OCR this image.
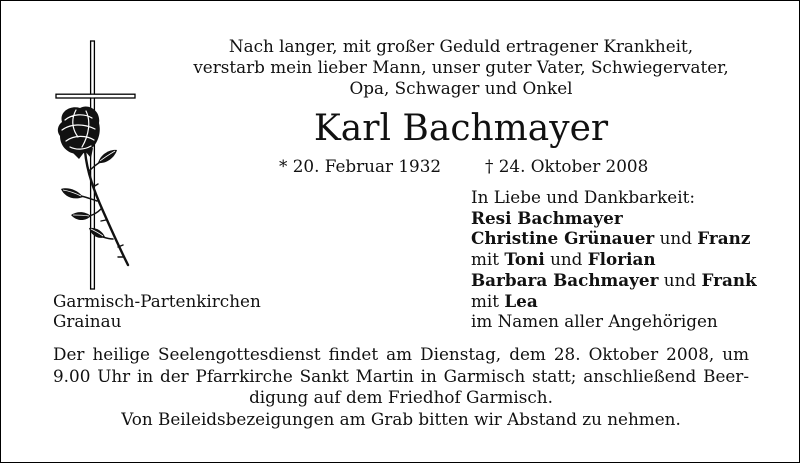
Nach langer, mit großer Geduld ertragener Krankheit,
verstarb mein lieber Mann, unser guter Vater, Schwiegervater,
Opa, Schwager und Onkel
Karl Bachmayer
* 20. Februar 1932	† 24. Oktober 2008
In Liebe und Dankbarkeit:
Resi Bachmayer
Christine Grünauer und Franz
mit Toni und Florian
Barbara Bachmayer und Frank
mit Lea
im Namen aller Angehörigen
Garmisch-Partenkirchen
Grainau
Der heilige Seelengottesdienst findet am Dienstag, dem 28. Oktober 2008, um
9.00 Uhr in der Pfarrkirche Sankt Martin in Garmisch statt; anschließend Beer-
digung auf dem Friedhof Garmisch.
Von Beileidsbezeigungen am Grab bitten wir Abstand zu nehmen.
